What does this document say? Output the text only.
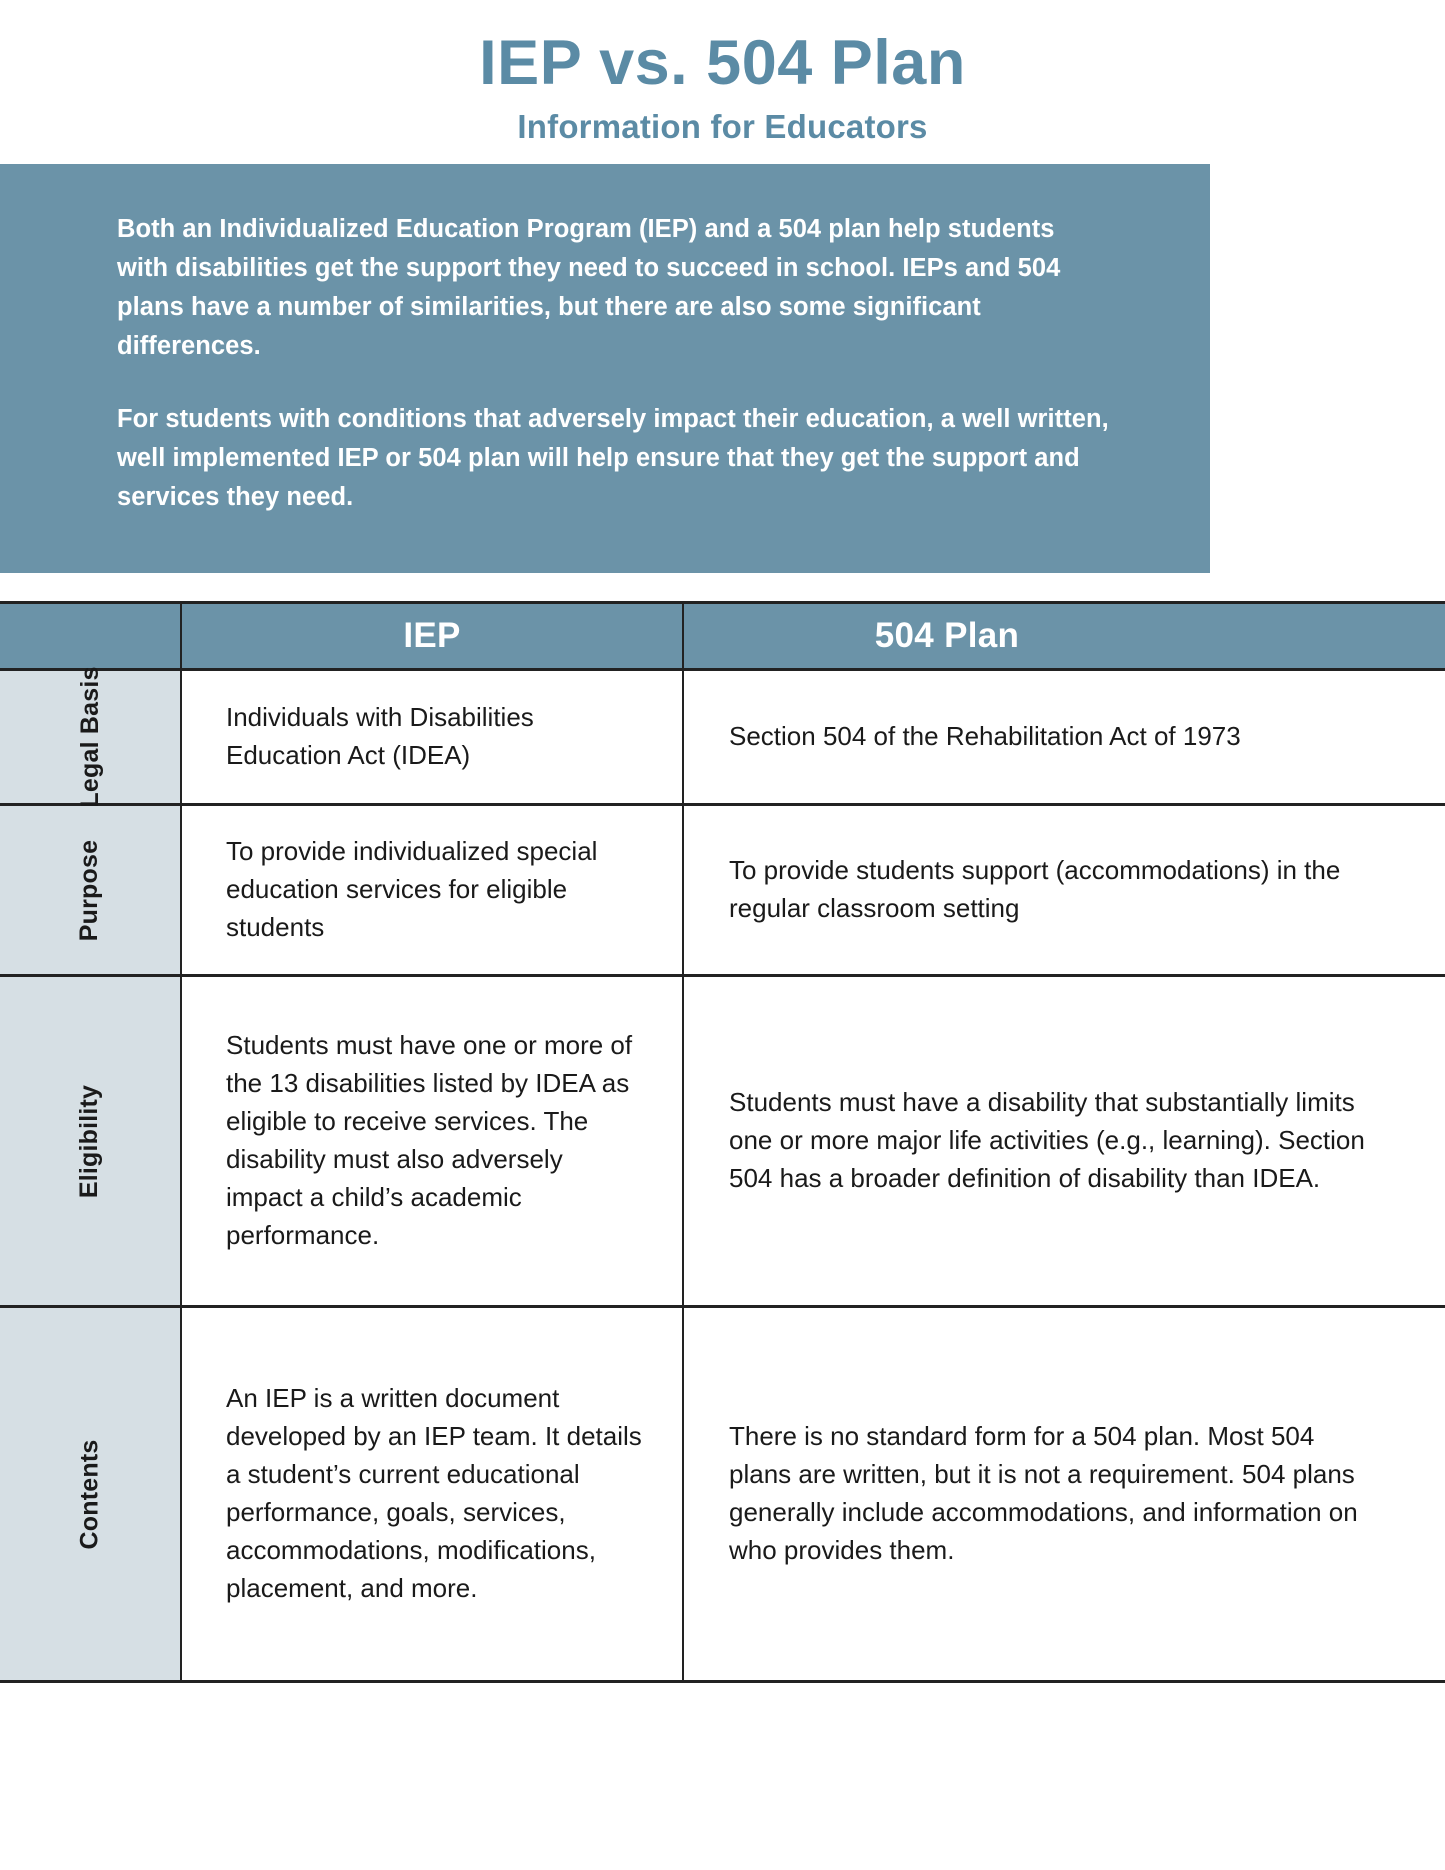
IEP vs. 504 Plan
Information for Educators

Both an Individualized Education Program (IEP) and a 504 plan help students with disabilities get the support they need to succeed in school. IEPs and 504 plans have a number of similarities, but there are also some significant differences.

For students with conditions that adversely impact their education, a well written, well implemented IEP or 504 plan will help ensure that they get the support and services they need.

	IEP	504 Plan

Legal Basis	Individuals with Disabilities Education Act (IDEA)	Section 504 of the Rehabilitation Act of 1973
Purpose	To provide individualized special education services for eligible students	To provide students support (accommodations) in the regular classroom setting
Eligibility	Students must have one or more of the 13 disabilities listed by IDEA as eligible to receive services. The disability must also adversely impact a child’s academic performance.	Students must have a disability that substantially limits one or more major life activities (e.g., learning). Section 504 has a broader definition of disability than IDEA.
Contents	An IEP is a written document developed by an IEP team. It details a student’s current educational performance, goals, services, accommodations, modifications, placement, and more.	There is no standard form for a 504 plan. Most 504 plans are written, but it is not a requirement. 504 plans generally include accommodations, and information on who provides them.
